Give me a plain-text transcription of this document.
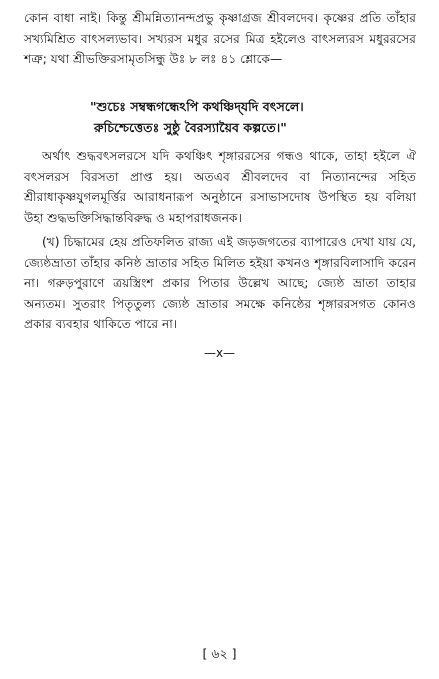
কোন বাধা নাই। কিন্তু শ্রীমন্নিত্যানন্দপ্রভু কৃষ্ণাগ্রজ শ্রীবলদেব। কৃষ্ণের প্রতি তাঁহার সখ্যমিশ্রিত বাৎসল্যভাব। সখ্যরস মধুর রসের মিত্র হইলেও বাৎসল্যরস মধুররসের শত্রু; যথা শ্রীভক্তিরসামৃতসিন্ধু উঃ ৮ লঃ ৪১ শ্লোকে—

"শুচেঃ সম্বন্ধগন্ধেঽপি কথঞ্চিদ্‌যদি বৎসলে।

রুচিশ্চেত্তেতঃ সুষ্ঠু বৈরস্যায়ৈব কল্পতে।"

অর্থাৎ শুদ্ধবৎসলরসে যদি কথঞ্চিৎ শৃঙ্গাররসের গন্ধও থাকে, তাহা হইলে ঐ বৎসলরস বিরসতা প্রাপ্ত হয়। অতএব শ্রীবলদেব বা নিত্যানন্দের সহিত শ্রীরাধাকৃষ্ণযুগলমূর্ত্তির আরাধনারূপ অনুষ্ঠানে রসাভাসদোষ উপস্থিত হয় বলিয়া উহা শুদ্ধভক্তিসিদ্ধান্তবিরুদ্ধ ও মহাপরাধজনক।

(খ) চিদ্ধামের হেয় প্রতিফলিত রাজ্য এই জড়জগতের ব্যাপারেও দেখা যায় যে, জ্যেষ্ঠভ্রাতা তাঁহার কনিষ্ঠ ভ্রাতার সহিত মিলিত হইয়া কখনও শৃঙ্গারবিলাসাদি করেন না। গরুড়পুরাণে ত্রয়স্ত্রিংশ প্রকার পিতার উল্লেখ আছে; জ্যেষ্ঠ ভ্রাতা তাহার অন্যতম। সুতরাং পিতৃতুল্য জ্যেষ্ঠ ভ্রাতার সমক্ষে কনিষ্ঠের শৃঙ্গাররসগত কোনও প্রকার ব্যবহার থাকিতে পারে না।

—x—
[ ৬২ ]
